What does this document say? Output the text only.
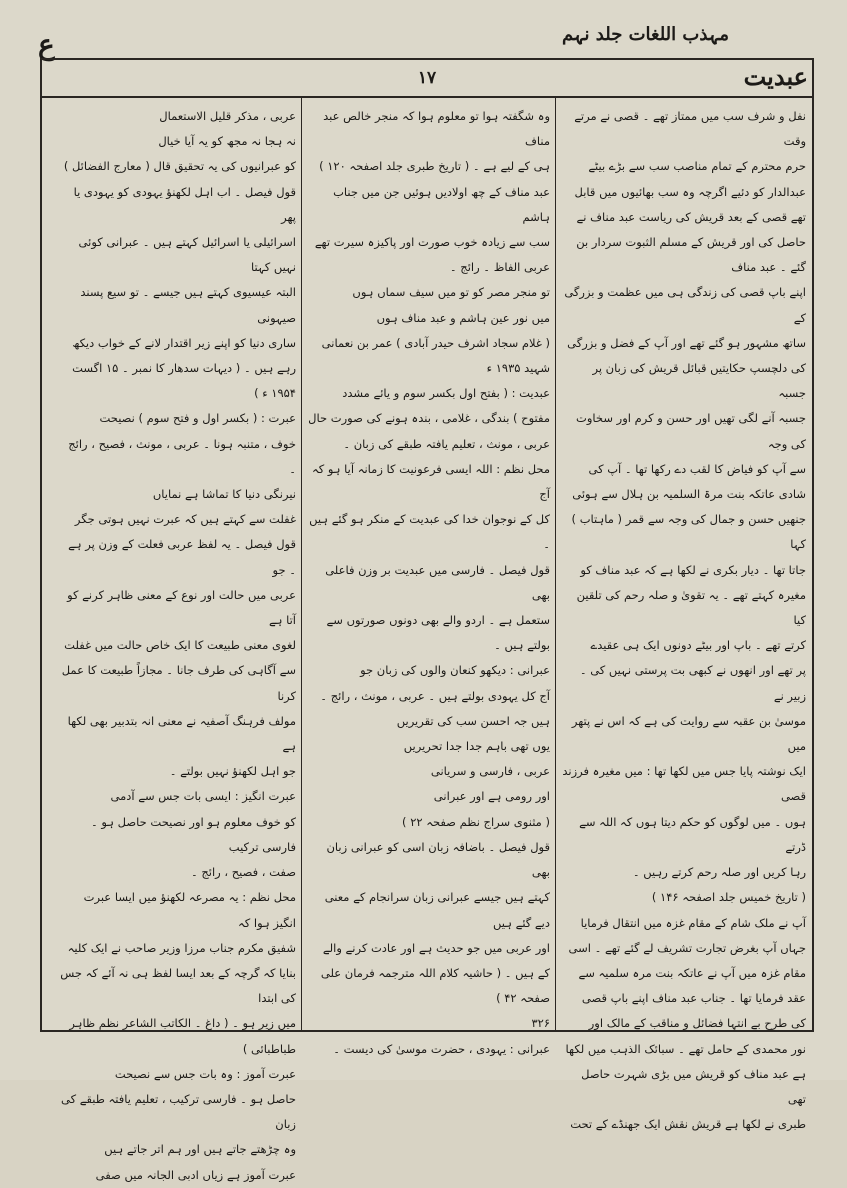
ع	مہذب اللغات جلد نہم
عبدیت
۱۷

نفل و شرف سب میں ممتاز تھے ۔ قصی نے مرتے وقت

حرم محترم کے تمام مناصب سب سے بڑے بیٹے

عبدالدار کو دئیے اگرچہ وہ سب بھائیوں میں قابل

تھے قصی کے بعد قریش کی ریاست عبد مناف نے

حاصل کی اور قریش کے مسلم الثبوت سردار بن گئے ۔ عبد مناف

اپنے باپ قصی کی زندگی ہی میں عظمت و بزرگی کے

ساتھ مشہور ہو گئے تھے اور آپ کے فضل و بزرگی

کی دلچسپ حکایتیں قبائل قریش کی زبان پر جسبہ

جسبہ آنے لگی تھیں اور حسن و کرم اور سخاوت کی وجہ

سے آپ کو فیاض کا لقب دے رکھا تھا ۔ آپ کی

شادی عاتکہ بنت مرۃ السلمیہ بن ہلال سے ہوئی

جنھیں حسن و جمال کی وجہ سے قمر ( ماہتاب ) کہا

جاتا تھا ۔ دیار بکری نے لکھا ہے کہ عبد مناف کو

مغیرہ کہتے تھے ۔ یہ تقویٰ و صلہ رحم کی تلقین کیا

کرتے تھے ۔ باپ اور بیٹے دونوں ایک ہی عقیدے

پر تھے اور انھوں نے کبھی بت پرستی نہیں کی ۔ زبیر نے

موسیٰ بن عقبہ سے روایت کی ہے کہ اس نے پتھر میں

ایک نوشتہ پایا جس میں لکھا تھا : میں مغیرہ فرزند قصی

ہوں ۔ میں لوگوں کو حکم دیتا ہوں کہ اللہ سے ڈرتے

رہا کریں اور صلہ رحم کرتے رہیں ۔

( تاریخ خمیس جلد اصفحہ ۱۴۶ )

آپ نے ملک شام کے مقام غزہ میں انتقال فرمایا

جہاں آپ بغرض تجارت تشریف لے گئے تھے ۔ اسی

مقام غزہ میں آپ نے عاتکہ بنت مرہ سلمیہ سے

عقد فرمایا تھا ۔ جناب عبد مناف اپنے باپ قصی

کی طرح بے انتہا فضائل و مناقب کے مالک اور

نور محمدی کے حامل تھے ۔ سبائک الذہب میں لکھا

ہے عبد مناف کو قریش میں بڑی شہرت حاصل تھی

طبری نے لکھا ہے قریش نقش ایک جھنڈے کے تحت

وہ شگفتہ ہوا تو معلوم ہوا کہ منجر خالص عبد مناف

ہی کے لیے ہے ۔ ( تاریخ طبری جلد اصفحہ ۱۲۰ )

عبد مناف کے چھ اولادیں ہوئیں جن میں جناب ہاشم

سب سے زیادہ خوب صورت اور پاکیزہ سیرت تھے

عربی الفاظ ۔ رائج ۔

تو منجر مصر کو تو میں سیف سماں ہوں

میں نور عین ہاشم و عبد مناف ہوں

( غلام سجاد اشرف حیدر آبادی ) عمر بن نعمانی شہید ۱۹۳۵ ء

عبدیت : ( بفتح اول بکسر سوم و یائے مشدد

مفتوح ) بندگی ، غلامی ، بندہ ہونے کی صورت حال

عربی ، مونث ، تعلیم یافتہ طبقے کی زبان ۔

محل نظم : اللہ ایسی فرعونیت کا زمانہ آیا ہو کہ آج

کل کے نوجوان خدا کی عبدیت کے منکر ہو گئے ہیں ۔

قول فیصل ۔ فارسی میں عبدیت بر وزن فاعلی بھی

ستعمل ہے ۔ اردو والے بھی دونوں صورتوں سے

بولتے ہیں ۔

عبرانی : دیکھو کنعان والوں کی زبان جو

آج کل یہودی بولتے ہیں ۔ عربی ، مونث ، رائج ۔

ہیں جہ احسن سب کی تقریریں

یوں تھی باہم جدا جدا تحریریں

عربی ، فارسی و سریانی

اور رومی ہے اور عبرانی

( مثنوی سراج نظم صفحہ ۲۲ )

قول فیصل ۔ باضافہ زبان اسی کو عبرانی زبان بھی

کہتے ہیں جیسے عبرانی زبان سرانجام کے معنی دیے گئے ہیں

اور عربی میں جو حدیث ہے اور عادت کرنے والے

کے ہیں ۔ ( حاشیہ کلام اللہ مترجمہ فرمان علی صفحہ ۴۲ )

۳۲۶

عبرانی : یہودی ، حضرت موسیٰ کی دیست ۔

عربی ، مذکر قلیل الاستعمال

نہ ہجا نہ مجھ کو یہ آیا خیال

کو عبرانیوں کی یہ تحقیق قال ( معارج الفضائل )

قول فیصل ۔ اب اہل لکھنؤ یہودی کو یہودی یا پھر

اسرائیلی یا اسرائیل کہتے ہیں ۔ عبرانی کوئی نہیں کہتا

البتہ عیسیوی کہتے ہیں جیسے ۔ تو سیع پسند صیہونی

ساری دنیا کو اپنے زیر اقتدار لانے کے خواب دیکھ

رہے ہیں ۔ ( دیہات سدھار کا نمبر ۔ ۱۵ اگست ۱۹۵۴ ء )

عبرت : ( بکسر اول و فتح سوم ) نصیحت

خوف ، متنبہ ہونا ۔ عربی ، مونث ، فصیح ، رائج ۔

نیرنگی دنیا کا تماشا ہے نمایاں

غفلت سے کہتے ہیں کہ عبرت نہیں ہوتی جگر

قول فیصل ۔ یہ لفظ عربی فعلت کے وزن پر ہے ۔ جو

عربی میں حالت اور نوع کے معنی ظاہر کرنے کو آتا ہے

لغوی معنی طبیعت کا ایک خاص حالت میں غفلت

سے آگاہی کی طرف جانا ۔ مجازاً طبیعت کا عمل کرنا

مولف فرہنگ آصفیہ نے معنی انہ بتدبیر بھی لکھا ہے

جو اہل لکھنؤ نہیں بولتے ۔

عبرت انگیز : ایسی بات جس سے آدمی

کو خوف معلوم ہو اور نصیحت حاصل ہو ۔ فارسی ترکیب

صفت ، فصیح ، رائج ۔

محل نظم : یہ مصرعہ لکھنؤ میں ایسا عبرت انگیز ہوا کہ

شفیق مکرم جناب مرزا وزیر صاحب نے ایک کلیہ

بنایا کہ گرچہ کے بعد ایسا لفظ ہی نہ آئے کہ جس کی ابتدا

میں زیر ہو ۔ ( داغ ۔ الکاتب الشاعر نظم ظاہر طباطبائی )

عبرت آموز : وہ بات جس سے نصیحت

حاصل ہو ۔ فارسی ترکیب ، تعلیم یافتہ طبقے کی زبان

وہ چڑھتے جاتے ہیں اور ہم اتر جاتے ہیں

عبرت آموز ہے زیاں ادبی الجانہ میں صفی
